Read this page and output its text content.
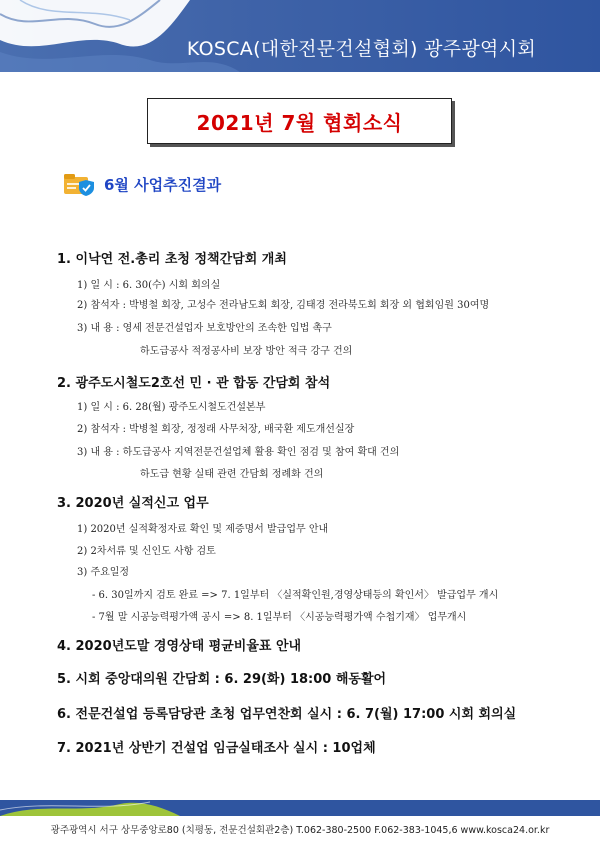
KOSCA(대한전문건설협회) 광주광역시회
2021년 7월 협회소식
6월 사업추진결과
1. 이낙연 전.총리 초청 정책간담회 개최
1) 일 시 : 6. 30(수) 시회 회의실
2) 참석자 : 박병철 회장, 고성수 전라남도회 회장, 김태경 전라북도회 회장 외 협회임원 30여명
3) 내 용 : 영세 전문건설업자 보호방안의 조속한 입법 촉구
하도급공사 적정공사비 보장 방안 적극 강구 건의
2. 광주도시철도2호선 민 · 관 합동 간담회 참석
1) 일 시 : 6. 28(월) 광주도시철도건설본부
2) 참석자 : 박병철 회장, 정정래 사무처장, 배국환 제도개선실장
3) 내 용 : 하도급공사 지역전문건설업체 활용 확인 점검 및 참여 확대 건의
하도급 현황 실태 관련 간담회 정례화 건의
3. 2020년 실적신고 업무
1) 2020년 실적확정자료 확인 및 제증명서 발급업무 안내
2) 2차서류 및 신인도 사항 검토
3) 주요일정
- 6. 30일까지 검토 완료 => 7. 1일부터 〈실적확인원,경영상태등의 확인서〉 발급업무 개시
- 7월 말 시공능력평가액 공시 => 8. 1일부터 〈시공능력평가액 수첩기재〉 업무개시
4. 2020년도말 경영상태 평균비율표 안내
5. 시회 중앙대의원 간담회 : 6. 29(화) 18:00 해동활어
6. 전문건설업 등록담당관 초청 업무연찬회 실시 : 6. 7(월) 17:00 시회 회의실
7. 2021년 상반기 건설업 임금실태조사 실시 : 10업체
광주광역시 서구 상무중앙로80 (치평동, 전문건설회관2층) T.062-380-2500 F.062-383-1045,6 www.kosca24.or.kr
